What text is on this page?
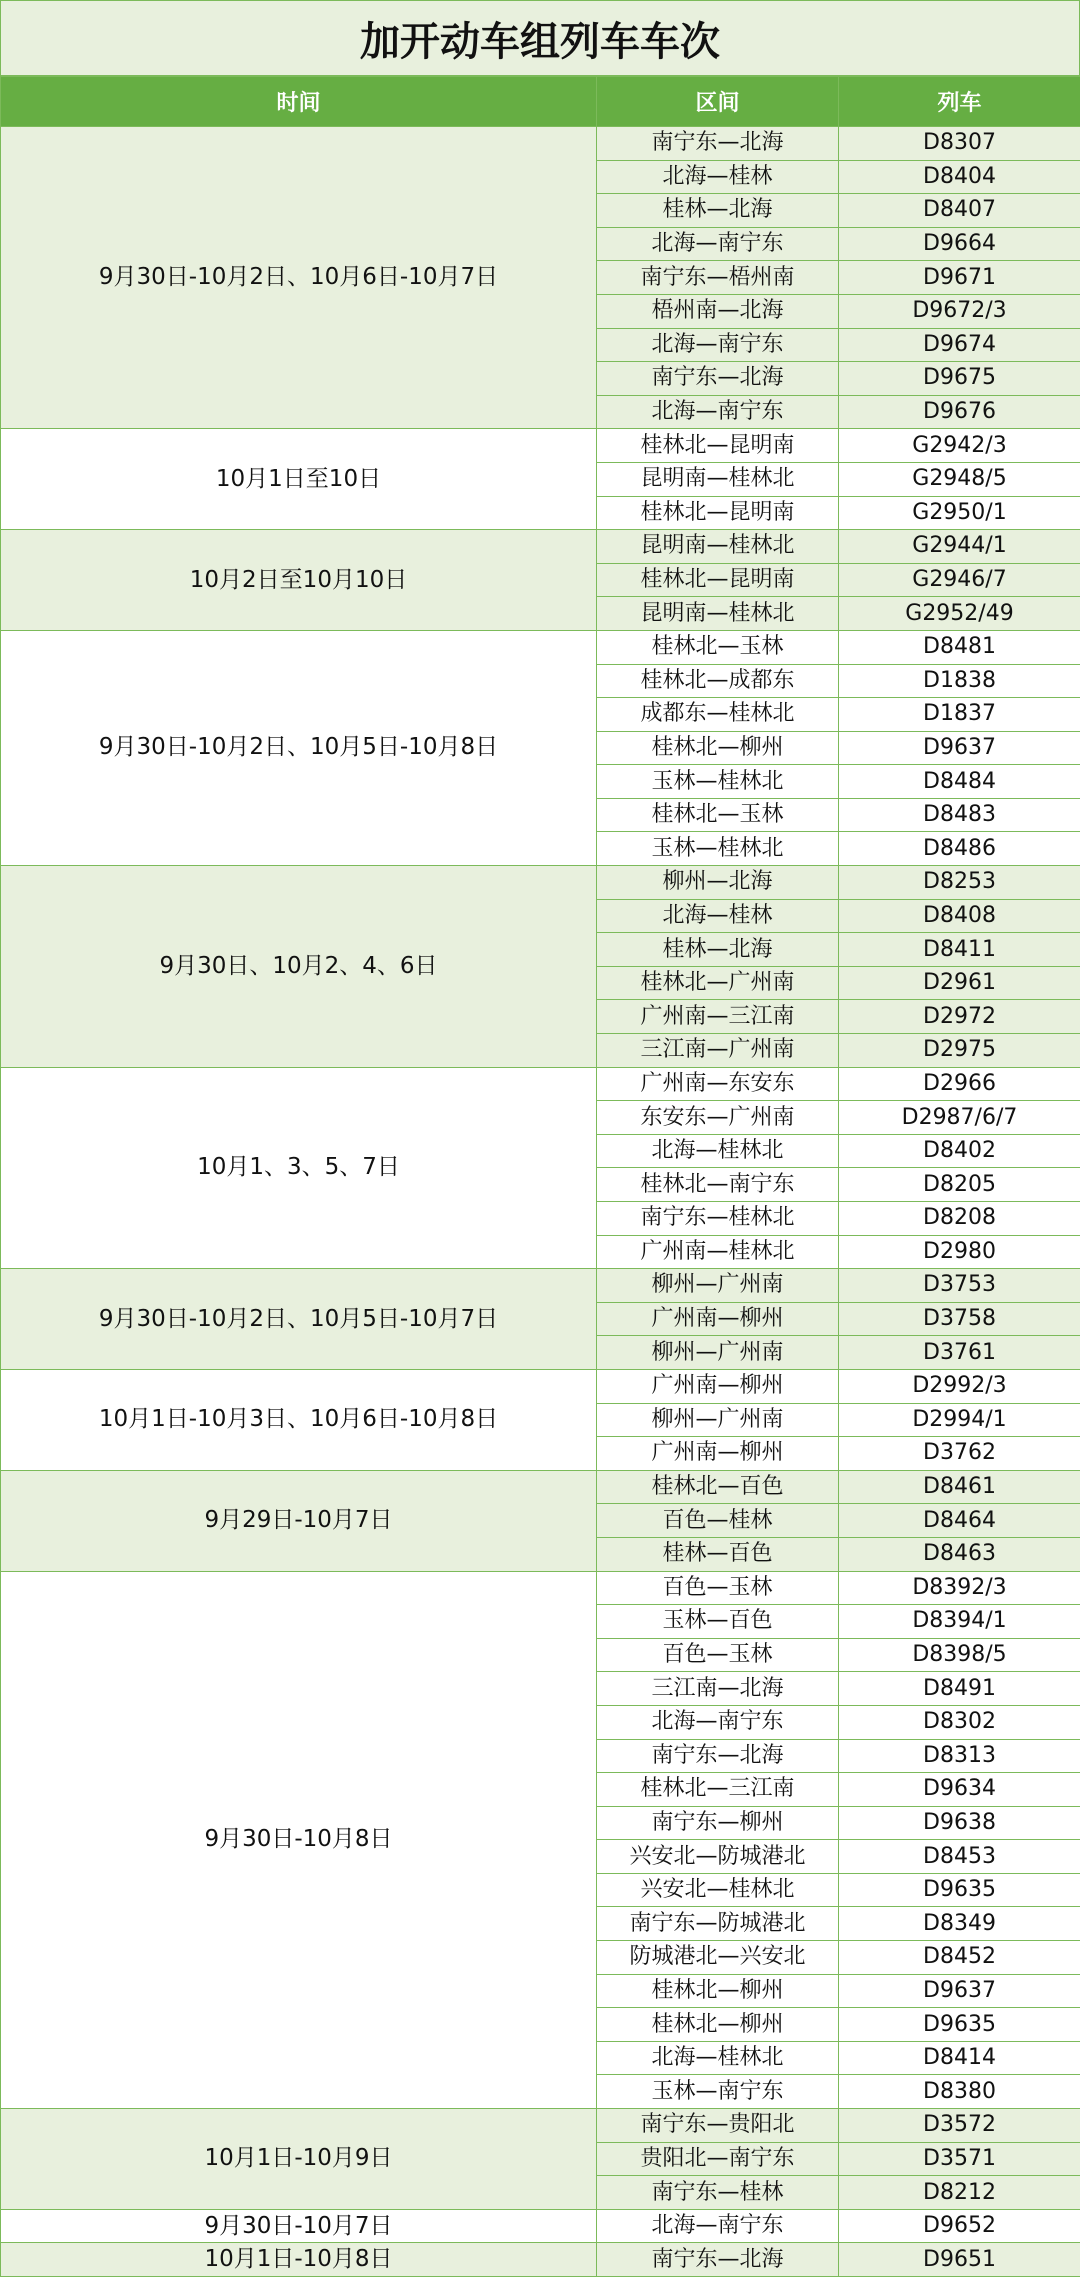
加开动车组列车车次
时间	区间	列车
9月30日-10月2日、10月6日-10月7日	南宁东—北海	D8307
	北海—桂林	D8404
	桂林—北海	D8407
	北海—南宁东	D9664
	南宁东—梧州南	D9671
	梧州南—北海	D9672/3
	北海—南宁东	D9674
	南宁东—北海	D9675
	北海—南宁东	D9676
10月1日至10日	桂林北—昆明南	G2942/3
	昆明南—桂林北	G2948/5
	桂林北—昆明南	G2950/1
10月2日至10月10日	昆明南—桂林北	G2944/1
	桂林北—昆明南	G2946/7
	昆明南—桂林北	G2952/49
9月30日-10月2日、10月5日-10月8日	桂林北—玉林	D8481
	桂林北—成都东	D1838
	成都东—桂林北	D1837
	桂林北—柳州	D9637
	玉林—桂林北	D8484
	桂林北—玉林	D8483
	玉林—桂林北	D8486
9月30日、10月2、4、6日	柳州—北海	D8253
	北海—桂林	D8408
	桂林—北海	D8411
	桂林北—广州南	D2961
	广州南—三江南	D2972
	三江南—广州南	D2975
10月1、3、5、7日	广州南—东安东	D2966
	东安东—广州南	D2987/6/7
	北海—桂林北	D8402
	桂林北—南宁东	D8205
	南宁东—桂林北	D8208
	广州南—桂林北	D2980
9月30日-10月2日、10月5日-10月7日	柳州—广州南	D3753
	广州南—柳州	D3758
	柳州—广州南	D3761
10月1日-10月3日、10月6日-10月8日	广州南—柳州	D2992/3
	柳州—广州南	D2994/1
	广州南—柳州	D3762
9月29日-10月7日	桂林北—百色	D8461
	百色—桂林	D8464
	桂林—百色	D8463
9月30日-10月8日	百色—玉林	D8392/3
	玉林—百色	D8394/1
	百色—玉林	D8398/5
	三江南—北海	D8491
	北海—南宁东	D8302
	南宁东—北海	D8313
	桂林北—三江南	D9634
	南宁东—柳州	D9638
	兴安北—防城港北	D8453
	兴安北—桂林北	D9635
	南宁东—防城港北	D8349
	防城港北—兴安北	D8452
	桂林北—柳州	D9637
	桂林北—柳州	D9635
	北海—桂林北	D8414
	玉林—南宁东	D8380
10月1日-10月9日	南宁东—贵阳北	D3572
	贵阳北—南宁东	D3571
	南宁东—桂林	D8212
9月30日-10月7日	北海—南宁东	D9652
10月1日-10月8日	南宁东—北海	D9651
